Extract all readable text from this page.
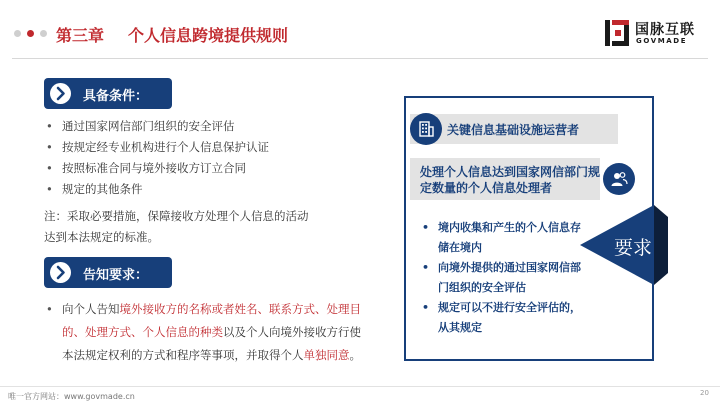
第三章 个人信息跨境提供规则	国脉互联
GOVMADE
具备条件：
• 通过国家网信部门组织的安全评估
• 按规定经专业机构进行个人信息保护认证
• 按照标准合同与境外接收方订立合同
• 规定的其他条件

注：采取必要措施，保障接收方处理个人信息的活动

达到本法规定的标准。

告知要求：
• 向个人告知境外接收方的名称或者姓名、联系方式、处理目的、处理方式、个人信息的种类以及个人向境外接收方行使本法规定权利的方式和程序等事项，并取得个人单独同意。
关键信息基础设施运营者
处理个人信息达到国家网信部门规定数量的个人信息处理者
• 境内收集和产生的个人信息存储在境内
• 向境外提供的通过国家网信部门组织的安全评估
• 规定可以不进行安全评估的，从其规定
要求
唯一官方网站：www.govmade.cn	20
